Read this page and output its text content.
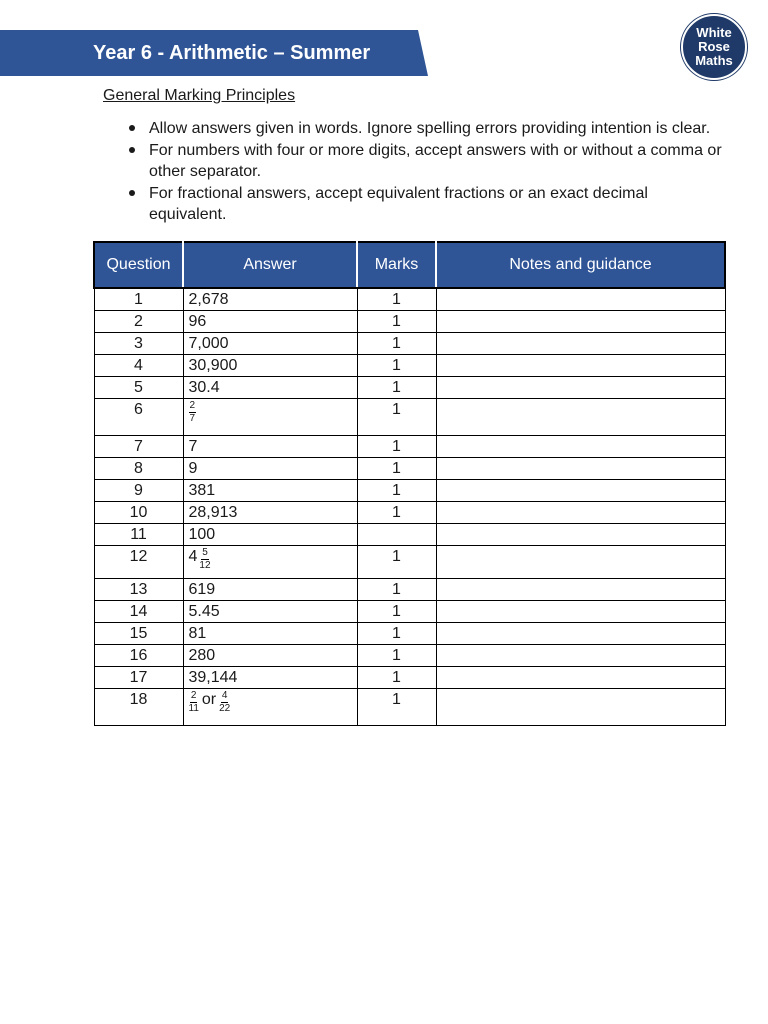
Year 6 - Arithmetic – Summer
White
Rose
Maths
General Marking Principles
Allow answers given in words. Ignore spelling errors providing intention is clear.
For numbers with four or more digits, accept answers with or without a comma or other separator.
For fractional answers, accept equivalent fractions or an exact decimal equivalent.
Question	Answer	Marks	Notes and guidance
1	2,678	1	
2	96	1	
3	7,000	1	
4	30,900	1	
5	30.4	1	
6	$\frac{2}{7}$	1	
7	7	1	
8	9	1	
9	381	1	
10	28,913	1	
11	100		
12	$4 \frac{5}{12}$	1	
13	619	1	
14	5.45	1	
15	81	1	
16	280	1	
17	39,144	1	
18	$\frac{2}{11}$ or $\frac{4}{22}$	1	
